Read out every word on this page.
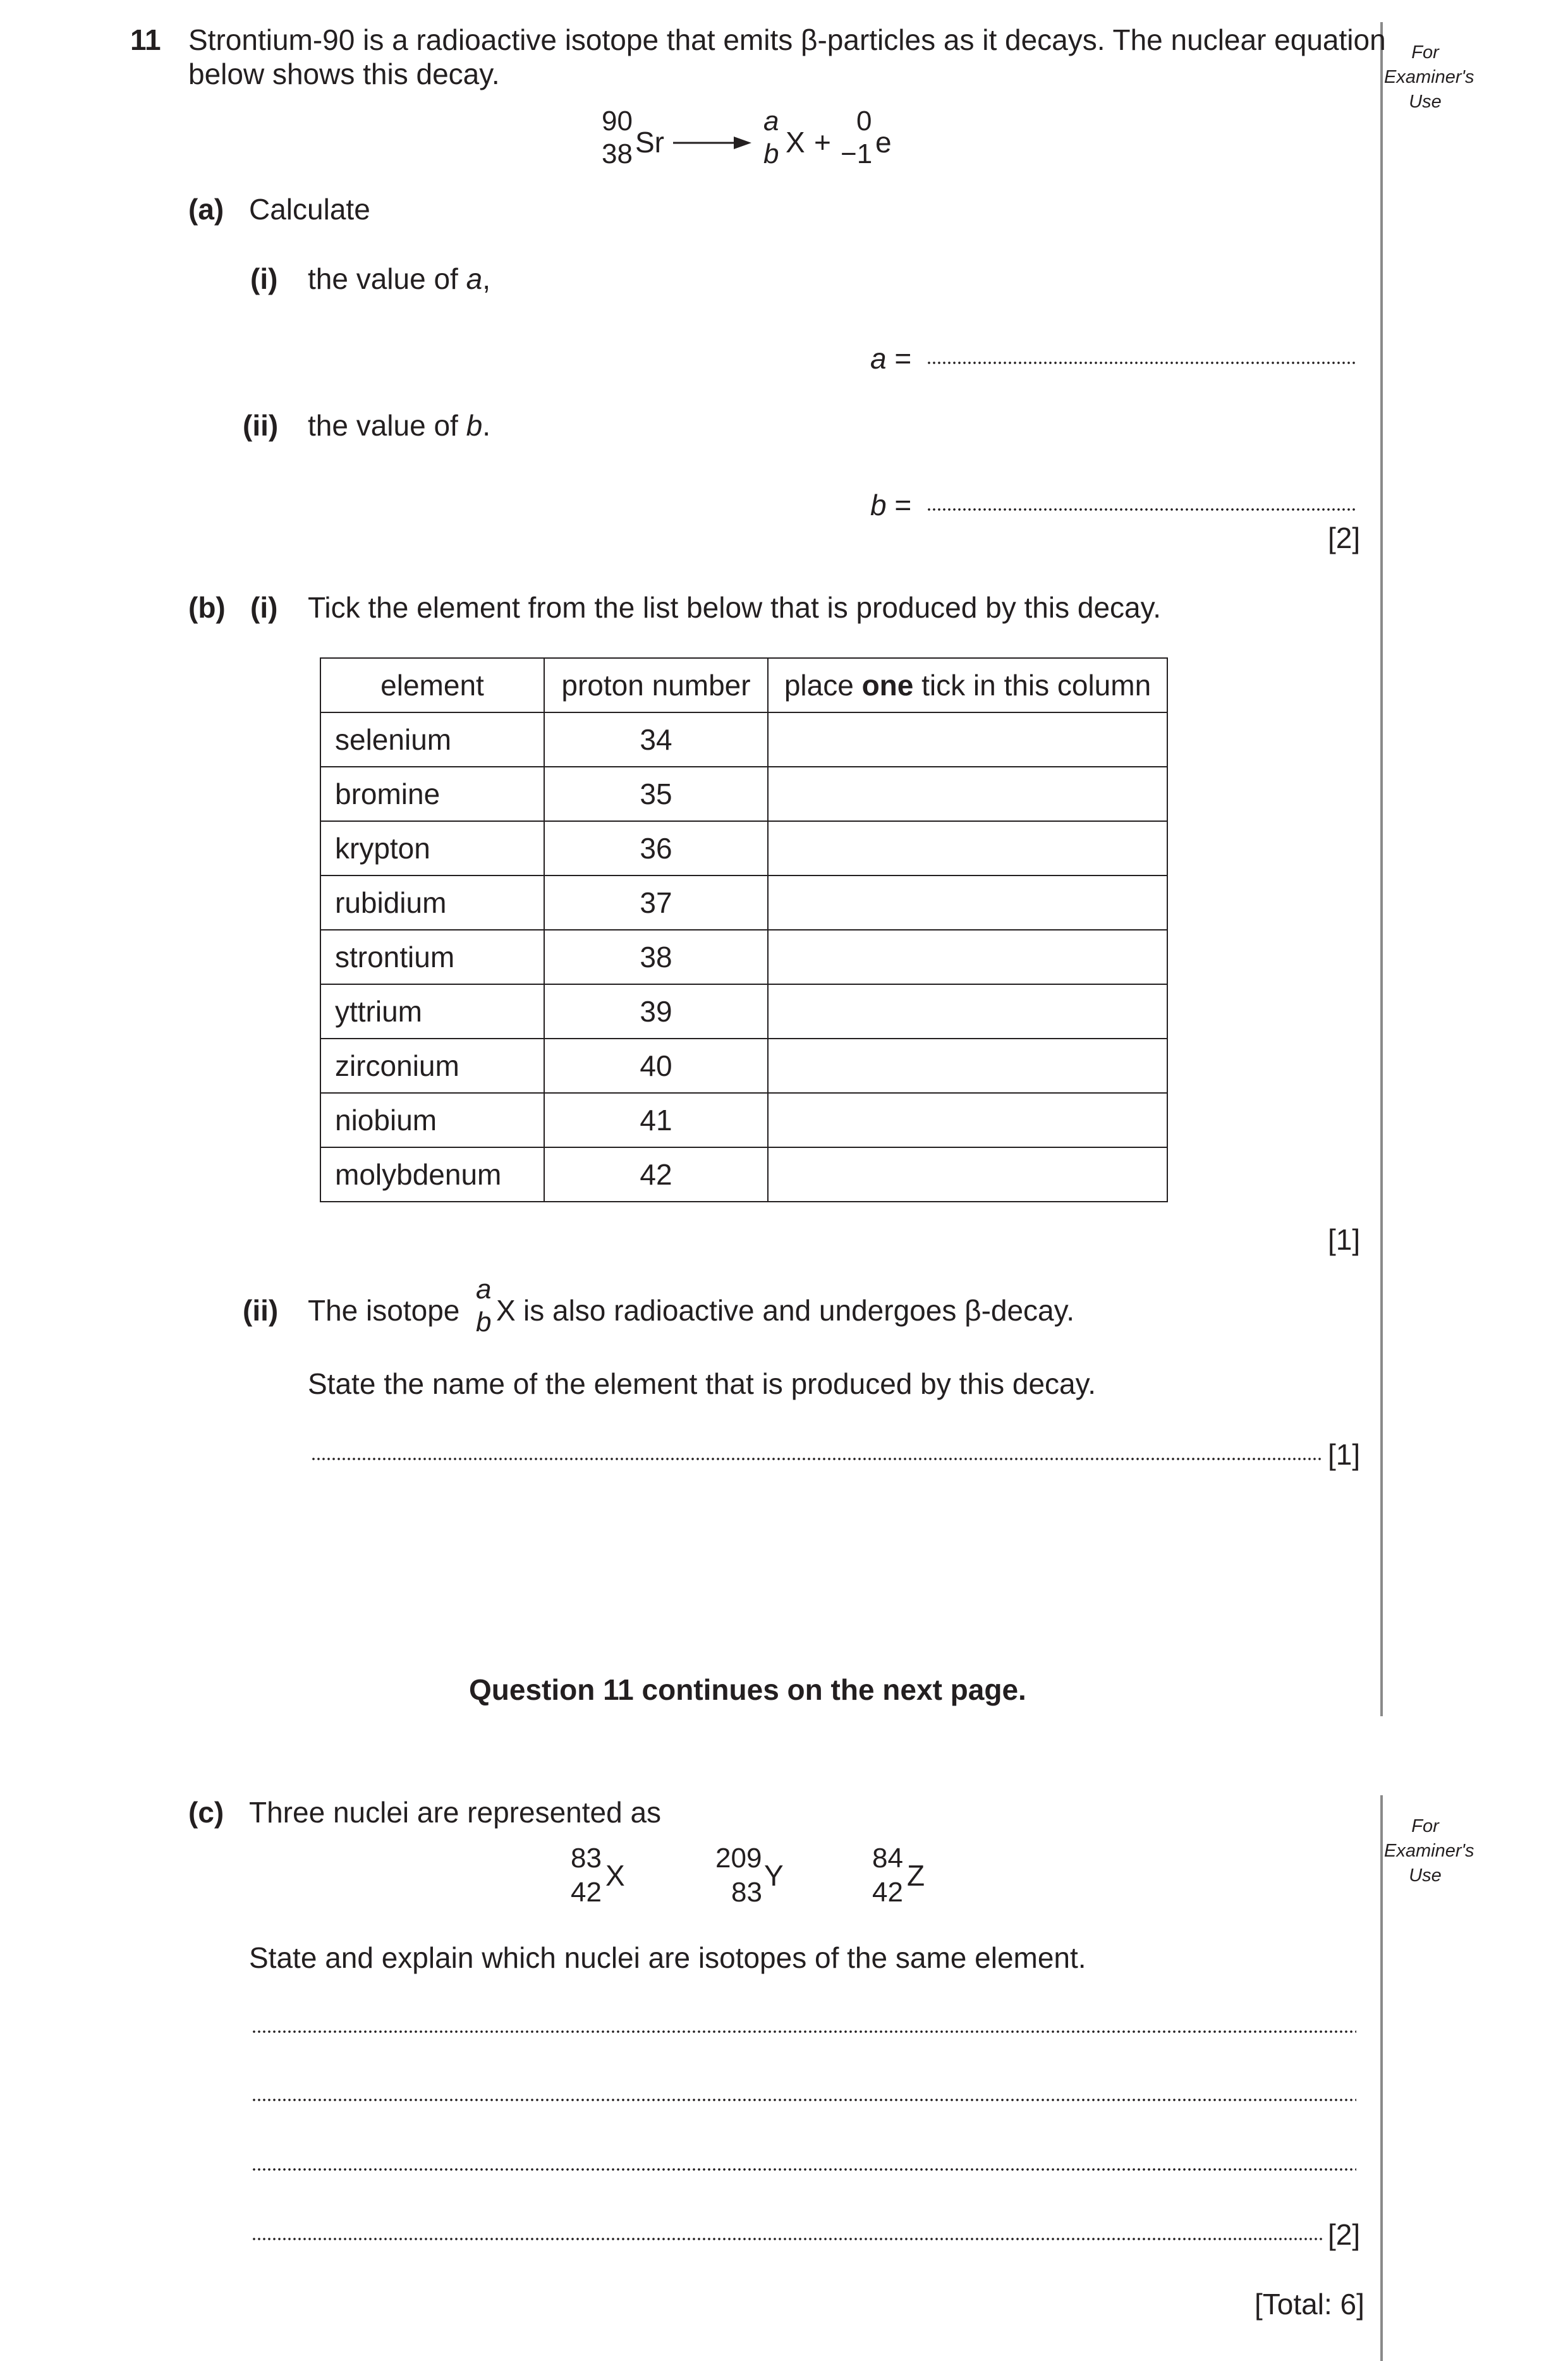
For
Examiner's
Use
11 Strontium-90 is a radioactive isotope that emits β-particles as it decays. The nuclear equation
below shows this decay.
90
38 Sr →
a
b X +
0
−1 e
(a) Calculate
(i) the value of a,
a =
(ii) the value of b.
b =
[2]
(b) (i) Tick the element from the list below that is produced by this decay.
element	proton number	place one tick in this column
selenium	34	
bromine	35	
krypton	36	
rubidium	37	
strontium	38	
yttrium	39	
zirconium	40	
niobium	41	
molybdenum	42	
[1]
(ii) The isotope
a
b X is also radioactive and undergoes β-decay.
State the name of the element that is produced by this decay.
[1]
Question 11 continues on the next page.
For
Examiner's
Use
(c) Three nuclei are represented as
83
42
X
209
83
Y
84
42
Z
State and explain which nuclei are isotopes of the same element.
[2]
[Total: 6]
